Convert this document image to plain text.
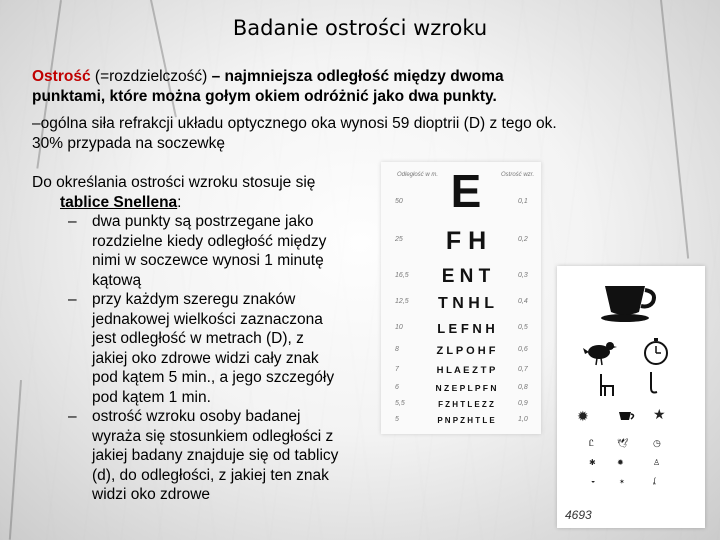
Badanie ostrości wzroku
Ostrość (=rozdzielczość) – najmniejsza odległość między dwoma
punktami, które można gołym okiem odróżnić jako dwa punkty.
–ogólna siła refrakcji układu optycznego oka wynosi 59 dioptrii (D) z tego ok.
30% przypada na soczewkę
Do określania ostrości wzroku stosuje się
tablice Snellena:
– dwa punkty są postrzegane jako
rozdzielne kiedy odległość między
nimi w soczewce wynosi 1 minutę
kątową
– przy każdym szeregu znaków
jednakowej wielkości zaznaczona
jest odległość w metrach (D), z
jakiej oko zdrowe widzi cały znak
pod kątem 5 min., a jego szczegóły
pod kątem 1 min.
– ostrość wzroku osoby badanej
wyraża się stosunkiem odległości z
jakiej badany znajduje się od tablicy
(d), do odległości, z jakiej ten znak
widzi oko zdrowe
Odległość w m.	Ostrość wzr.
50	E	0,1
25	F H	0,2
16,5	E N T	0,3
12,5	T N H L	0,4
10	L E F N H	0,5
8	Z L P O H F	0,6
7	H L A E Z T P	0,7
6	N Z E P L P F N	0,8
5,5	F Z H T L E Z Z	0,9
5	P N P Z H T L E	1,0	✹	★
Ꮭ	🕊	◷
✱	✹	♙
◒	✶	ʆ
4693
